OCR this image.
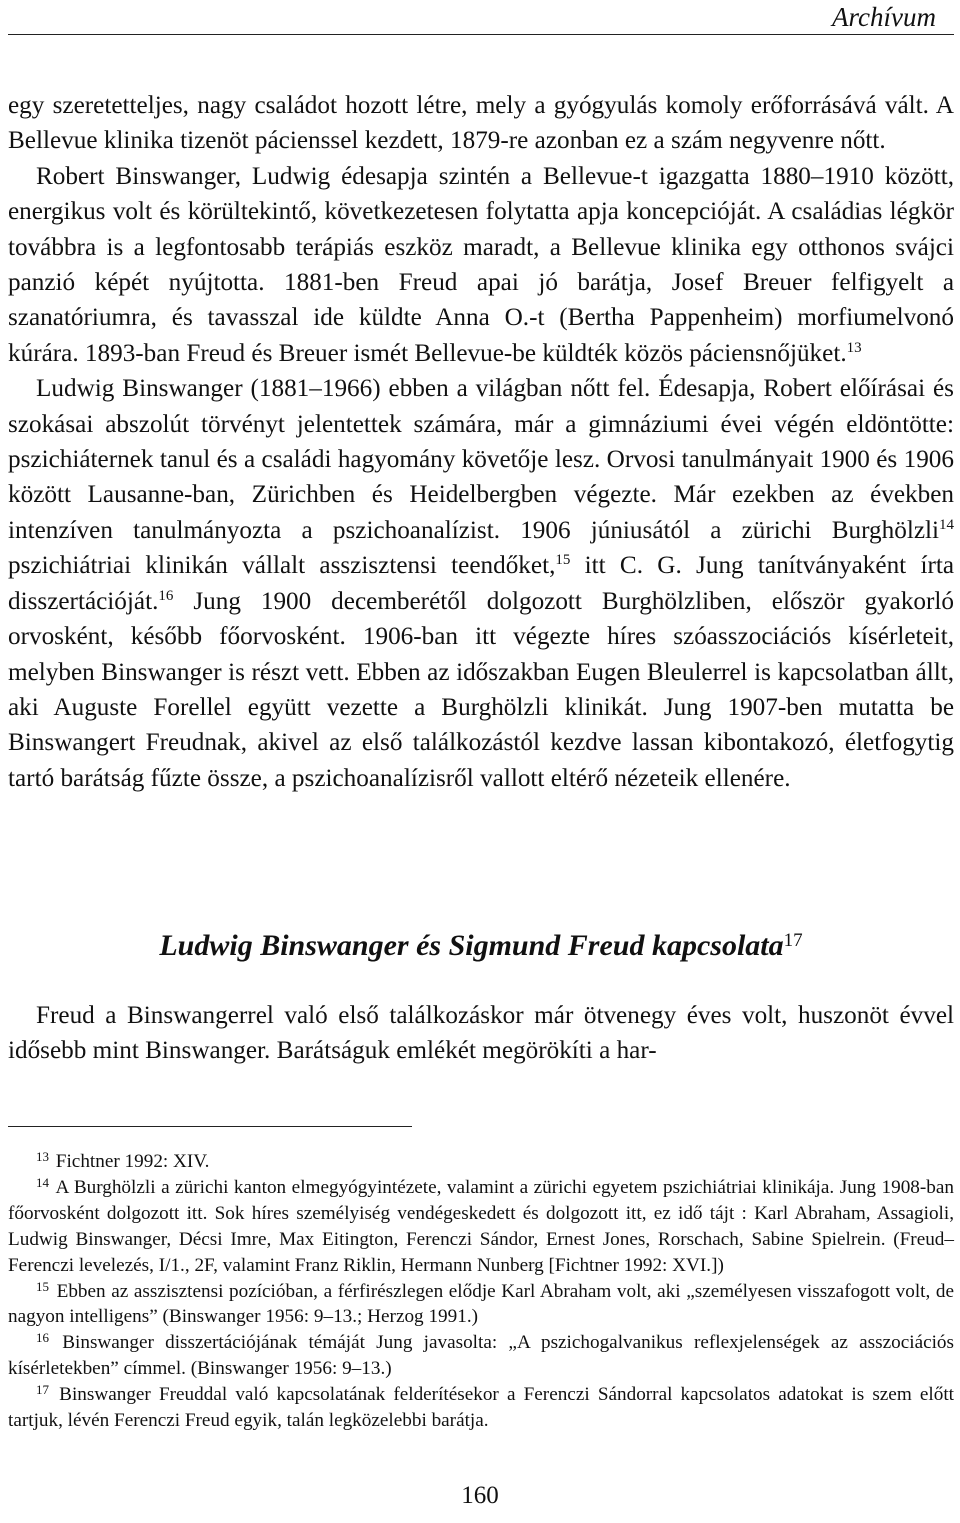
Archívum

egy szeretetteljes, nagy családot hozott létre, mely a gyógyulás komoly erőforrásává vált. A Bellevue klinika tizenöt pácienssel kezdett, 1879-re azonban ez a szám negyvenre nőtt.

Robert Binswanger, Ludwig édesapja szintén a Bellevue-t igazgatta 1880–1910 között, energikus volt és körültekintő, következetesen folytatta apja koncepcióját. A családias légkör továbbra is a legfontosabb terápiás eszköz maradt, a Bellevue klinika egy otthonos svájci panzió képét nyújtotta. 1881-ben Freud apai jó barátja, Josef Breuer felfigyelt a szanatóriumra, és tavasszal ide küldte Anna O.-t (Bertha Pappenheim) morfiumelvonó kúrára. 1893-ban Freud és Breuer ismét Bellevue-be küldték közös páciensnőjüket.$^{13}$

Ludwig Binswanger (1881–1966) ebben a világban nőtt fel. Édesapja, Robert előírásai és szokásai abszolút törvényt jelentettek számára, már a gimnáziumi évei végén eldöntötte: pszichiáternek tanul és a családi hagyomány követője lesz. Orvosi tanulmányait 1900 és 1906 között Lausanne-ban, Zürichben és Heidelbergben végezte. Már ezekben az években intenzíven tanulmányozta a pszichoanalízist. 1906 júniusától a zürichi Burghölzli$^{14}$ pszichiátriai klinikán vállalt asszisztensi teendőket,$^{15}$ itt C. G. Jung tanítványaként írta disszertációját.$^{16}$ Jung 1900 decemberétől dolgozott Burghölzliben, először gyakorló orvosként, később főorvosként. 1906-ban itt végezte híres szóasszociációs kísérleteit, melyben Binswanger is részt vett. Ebben az időszakban Eugen Bleulerrel is kapcsolatban állt, aki Auguste Forellel együtt vezette a Burghölzli klinikát. Jung 1907-ben mutatta be Binswangert Freudnak, akivel az első találkozástól kezdve lassan kibontakozó, életfogytig tartó barátság fűzte össze, a pszichoanalízisről vallott eltérő nézeteik ellenére.

Ludwig Binswanger és Sigmund Freud kapcsolata$^{17}$

Freud a Binswangerrel való első találkozáskor már ötvenegy éves volt, huszonöt évvel idősebb mint Binswanger. Barátságuk emlékét megörökíti a har-

$^{13}$ Fichtner 1992: XIV.

$^{14}$ A Burghölzli a zürichi kanton elmegyógyintézete, valamint a zürichi egyetem pszichiátriai klinikája. Jung 1908-ban főorvosként dolgozott itt. Sok híres személyiség vendégeskedett és dolgozott itt, ez idő tájt : Karl Abraham, Assagioli, Ludwig Binswanger, Décsi Imre, Max Eitington, Ferenczi Sándor, Ernest Jones, Rorschach, Sabine Spielrein. (Freud–Ferenczi levelezés, I/1., 2F, valamint Franz Riklin, Hermann Nunberg [Fichtner 1992: XVI.])

$^{15}$ Ebben az asszisztensi pozícióban, a férfirészlegen elődje Karl Abraham volt, aki „személyesen visszafogott volt, de nagyon intelligens” (Binswanger 1956: 9–13.; Herzog 1991.)

$^{16}$ Binswanger disszertációjának témáját Jung javasolta: „A pszichogalvanikus reflexjelenségek az asszociációs kísérletekben” címmel. (Binswanger 1956: 9–13.)

$^{17}$ Binswanger Freuddal való kapcsolatának felderítésekor a Ferenczi Sándorral kapcsolatos adatokat is szem előtt tartjuk, lévén Ferenczi Freud egyik, talán legközelebbi barátja.

160
